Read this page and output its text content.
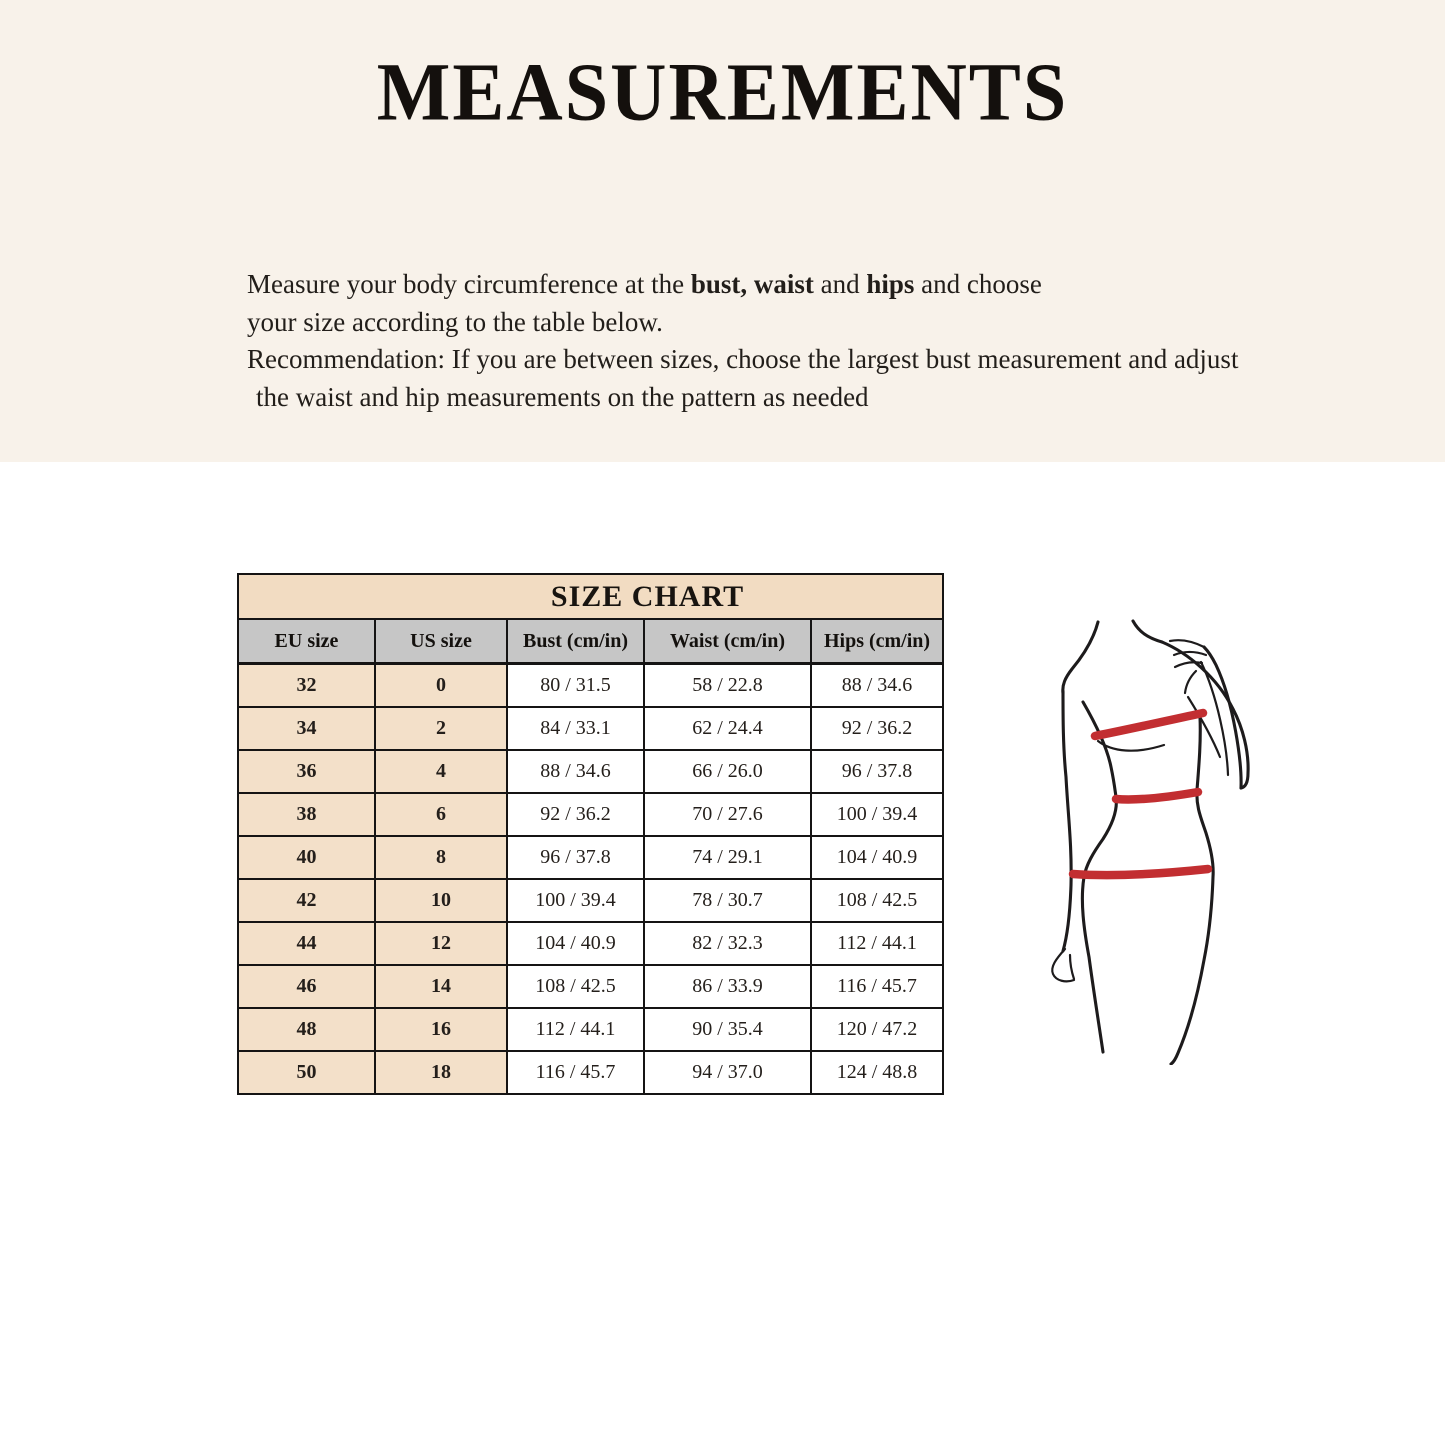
MEASUREMENTS

Measure your body circumference at the bust, waist and hips and choose
your size according to the table below.
Recommendation: If you are between sizes, choose the largest bust measurement and adjust
the waist and hip measurements on the pattern as needed

SIZE CHART				
EU size	US size	Bust (cm/in)	Waist (cm/in)	Hips (cm/in)
32	0	80 / 31.5	58 / 22.8	88 / 34.6
34	2	84 / 33.1	62 / 24.4	92 / 36.2
36	4	88 / 34.6	66 / 26.0	96 / 37.8
38	6	92 / 36.2	70 / 27.6	100 / 39.4
40	8	96 / 37.8	74 / 29.1	104 / 40.9
42	10	100 / 39.4	78 / 30.7	108 / 42.5
44	12	104 / 40.9	82 / 32.3	112 / 44.1
46	14	108 / 42.5	86 / 33.9	116 / 45.7
48	16	112 / 44.1	90 / 35.4	120 / 47.2
50	18	116 / 45.7	94 / 37.0	124 / 48.8
